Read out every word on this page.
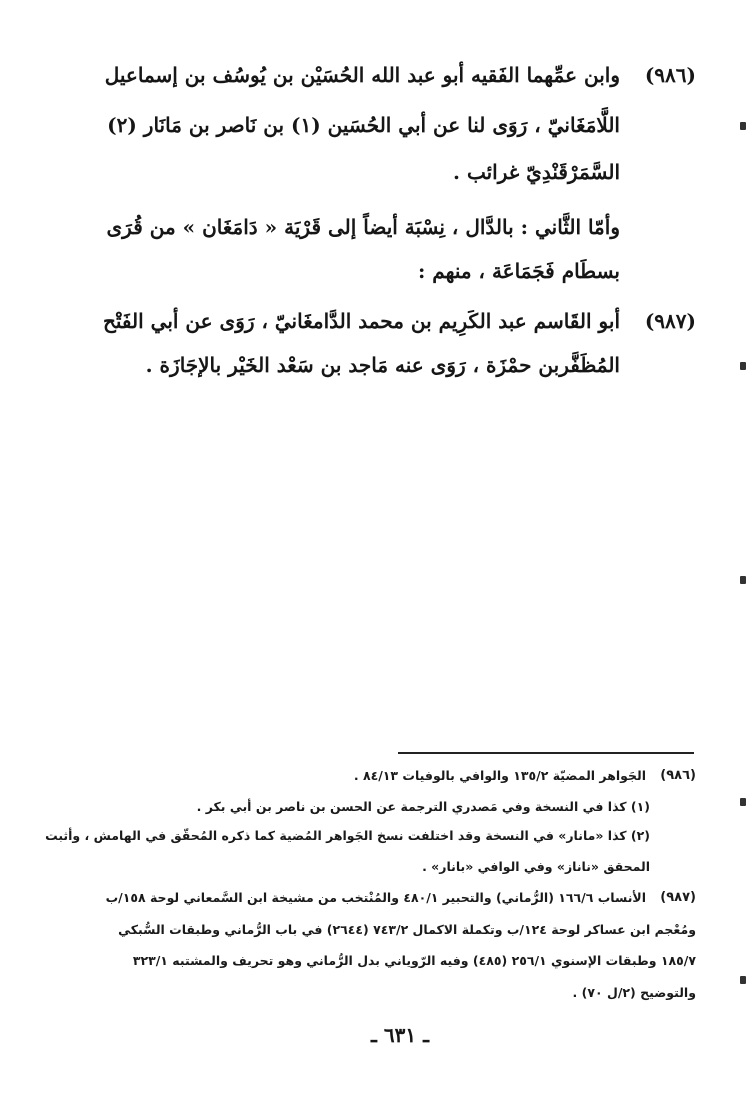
(٩٨٦)
وابن عمِّهما الفَقيه أبو عبد الله الحُسَيْن بن يُوسُف بن إسماعيل
اللَّامَغَانيّ ، رَوَى لنا عن أبي الحُسَين (١) بن نَاصر بن مَانَار (٢)
السَّمَرْقَنْدِيّ غرائب .
وأمّا الثَّاني : بالدَّال ، نِسْبَة أيضاً إلى قَرْيَة « دَامَغَان » من قُرَى
بسطَام فَجَمَاعَة ، منهم :
(٩٨٧)
أبو القَاسم عبد الكَرِيم بن محمد الدَّامغَانيّ ، رَوَى عن أبي الفَتْح
المُظَفَّربن حمْزَة ، رَوَى عنه مَاجد بن سَعْد الخَيْر بالإجَازَة .
(٩٨٦)
الجَواهر المضيّة ١٣٥/٢ والوافي بالوفيات ٨٤/١٣ .
(١) كذا في النسخة وفي مَصدري الترجمة عن الحسن بن ناصر بن أبي بكر .
(٢) كذا «مانار» في النسخة وقد اختلفت نسخ الجَواهر المُضية كما ذكره المُحقّق في الهامش ، وأثبت
المحقق «ناناز» وفي الوافي «بانار» .
(٩٨٧)
الأنساب ١٦٦/٦ (الرُّماني) والتحبير ٤٨٠/١ والمُنْتخب من مشيخة ابن السَّمعاني لوحة ١٥٨/ب
ومُعْجم ابن عساكر لوحة ١٢٤/ب وتكملة الاكمال ٧٤٣/٢ (٢٦٤٤) في باب الرُّماني وطبقات السُّبكي
١٨٥/٧ وطبقات الإسنوي ٢٥٦/١ (٤٨٥) وفيه الرّوياني بدل الرُّماني وهو تحريف والمشتبه ٣٢٣/١
والتوضيح (٢/ل ٧٠) .
ـ ٦٣١ ـ
